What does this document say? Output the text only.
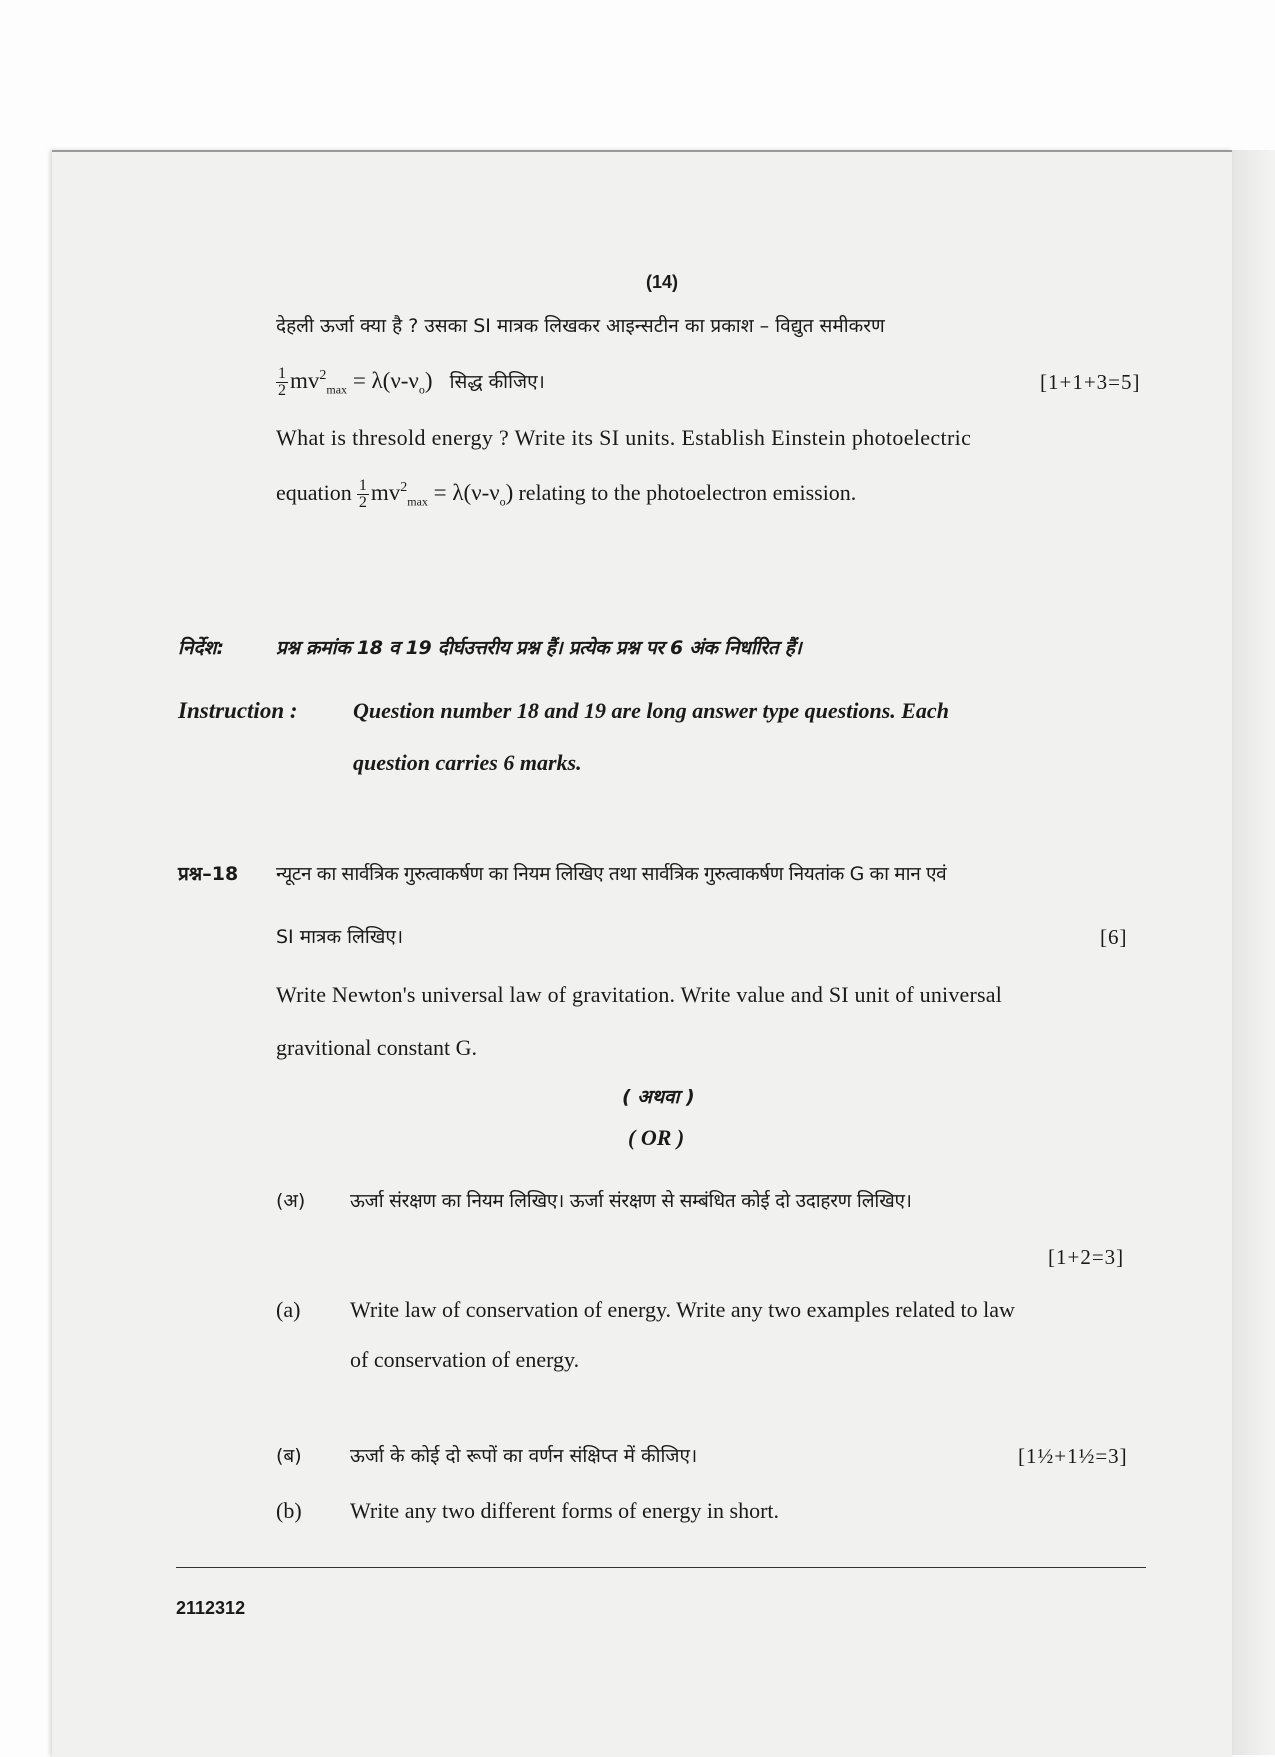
(14)
देहली ऊर्जा क्या है ? उसका SI मात्रक लिखकर आइन्सटीन का प्रकाश – विद्युत समीकरण
$\frac{1}{2} mv^2_{max} = \lambda(\nu-\nu_o)$ सिद्ध कीजिए।	[1+1+3=5]
What is thresold energy ? Write its SI units. Establish Einstein photoelectric
equation $\frac{1}{2} mv^2_{max} = \lambda(\nu-\nu_o)$ relating to the photoelectron emission.
निर्देश:	प्रश्न क्रमांक 18 व 19 दीर्घउत्तरीय प्रश्न हैं। प्रत्येक प्रश्न पर 6 अंक निर्धारित हैं।
Instruction :	Question number 18 and 19 are long answer type questions. Each
question carries 6 marks.
प्रश्न–18 न्यूटन का सार्वत्रिक गुरुत्वाकर्षण का नियम लिखिए तथा सार्वत्रिक गुरुत्वाकर्षण नियतांक G का मान एवं
SI मात्रक लिखिए।	[6]
Write Newton's universal law of gravitation. Write value and SI unit of universal
gravitional constant G.
( अथवा )
( OR )
(अ) ऊर्जा संरक्षण का नियम लिखिए। ऊर्जा संरक्षण से सम्बंधित कोई दो उदाहरण लिखिए।
[1+2=3]
(a) Write law of conservation of energy. Write any two examples related to law
of conservation of energy.
(ब)	ऊर्जा के कोई दो रूपों का वर्णन संक्षिप्त में कीजिए।	[1½+1½=3]
(b) Write any two different forms of energy in short.
2112312
